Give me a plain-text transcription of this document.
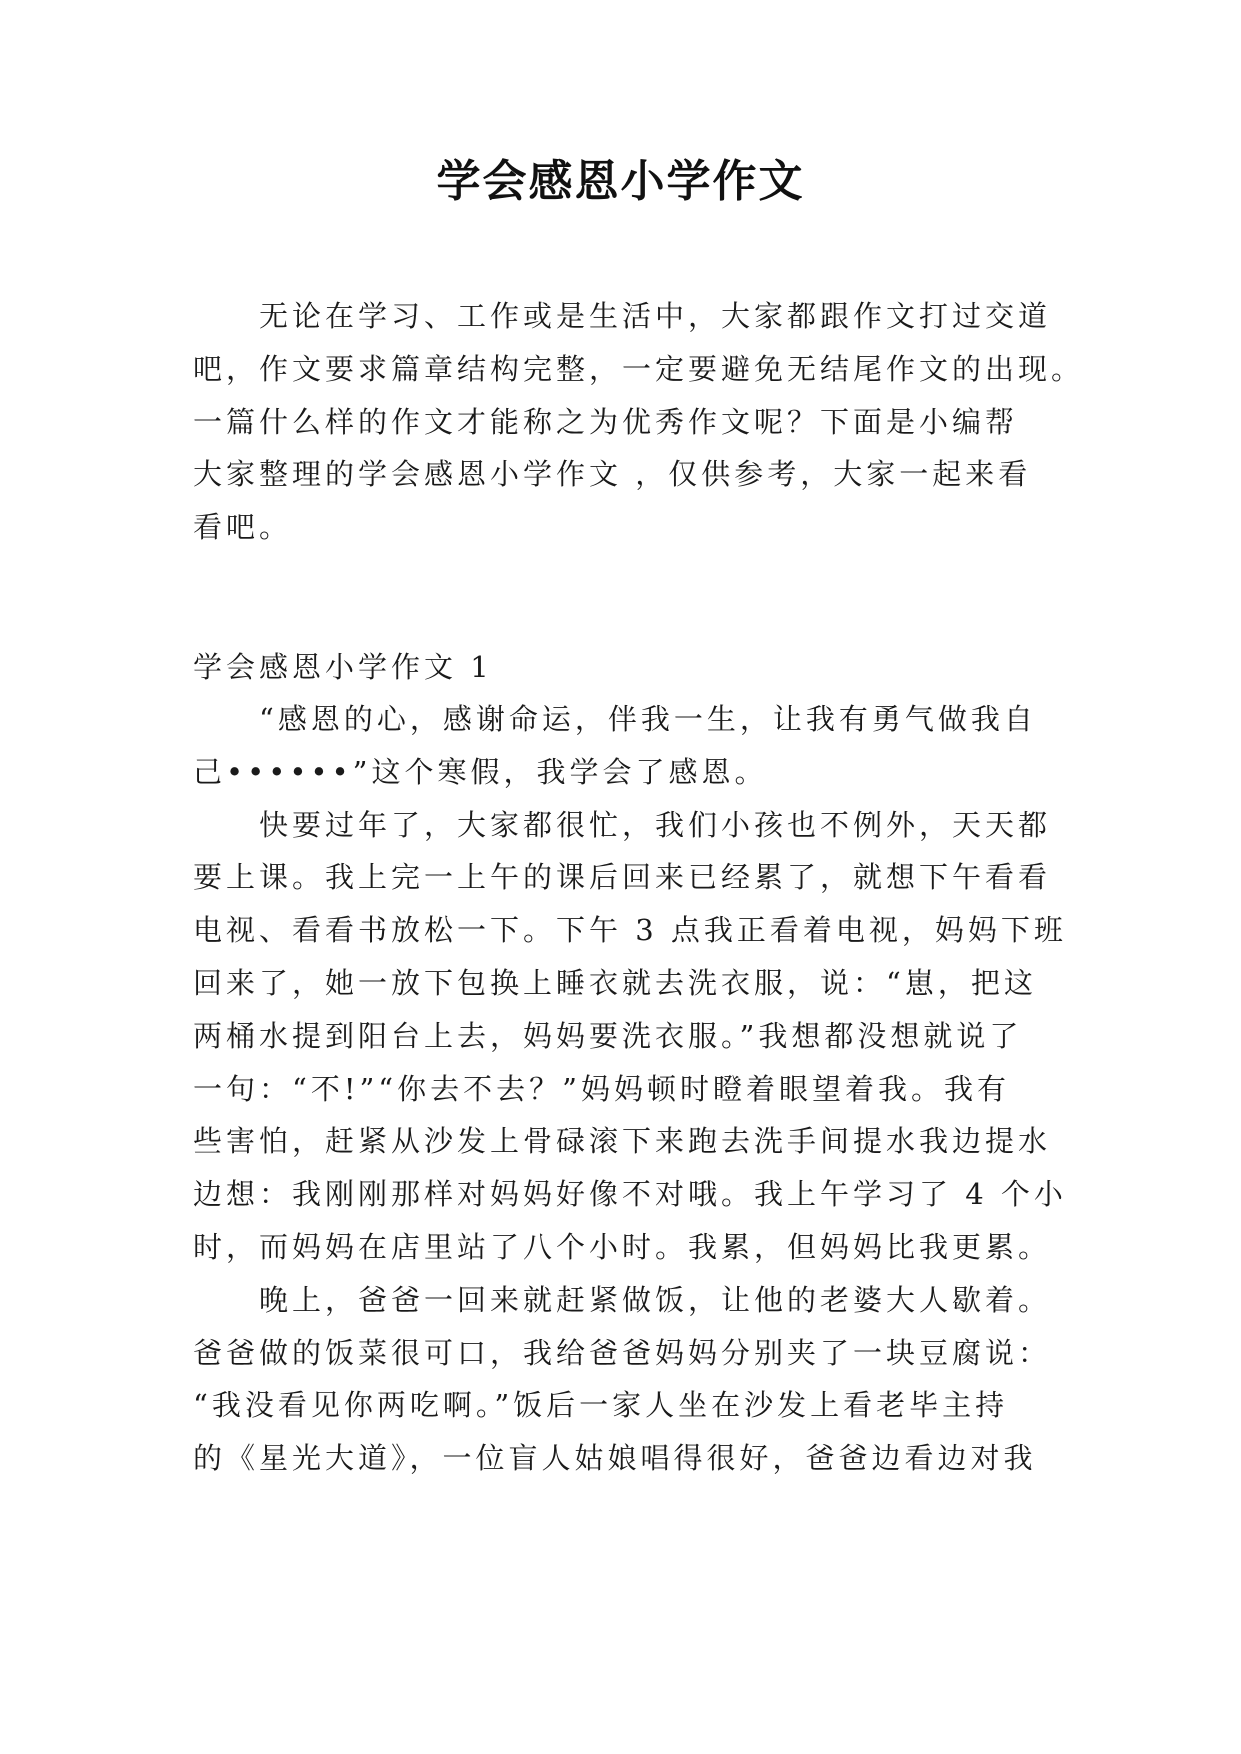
学会感恩小学作文
　　无论在学习、工作或是生活中，大家都跟作文打过交道
吧，作文要求篇章结构完整，一定要避免无结尾作文的出现。
一篇什么样的作文才能称之为优秀作文呢？下面是小编帮
大家整理的学会感恩小学作文 ，仅供参考，大家一起来看
看吧。

学会感恩小学作文 1

　　“感恩的心，感谢命运，伴我一生，让我有勇气做我自
己••••••”这个寒假，我学会了感恩。
　　快要过年了，大家都很忙，我们小孩也不例外，天天都
要上课。我上完一上午的课后回来已经累了，就想下午看看
电视、看看书放松一下。下午 3 点我正看着电视，妈妈下班
回来了，她一放下包换上睡衣就去洗衣服，说：“崽，把这
两桶水提到阳台上去，妈妈要洗衣服。”我想都没想就说了
一句：“不!”“你去不去？”妈妈顿时瞪着眼望着我。我有
些害怕，赶紧从沙发上骨碌滚下来跑去洗手间提水我边提水
边想：我刚刚那样对妈妈好像不对哦。我上午学习了 4 个小
时，而妈妈在店里站了八个小时。我累，但妈妈比我更累。
　　晚上，爸爸一回来就赶紧做饭，让他的老婆大人歇着。
爸爸做的饭菜很可口，我给爸爸妈妈分别夹了一块豆腐说：
“我没看见你两吃啊。”饭后一家人坐在沙发上看老毕主持
的《星光大道》，一位盲人姑娘唱得很好，爸爸边看边对我
